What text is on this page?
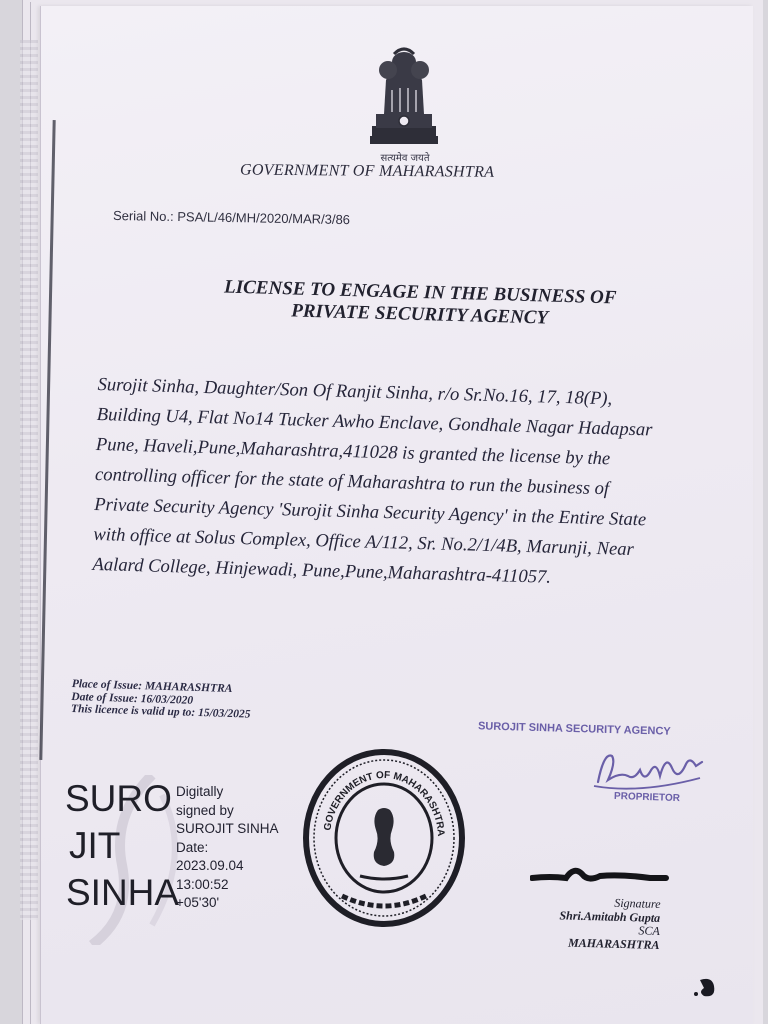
सत्यमेव जयते
GOVERNMENT OF MAHARASHTRA
Serial No.: PSA/L/46/MH/2020/MAR/3/86
LICENSE TO ENGAGE IN THE BUSINESS OF
PRIVATE SECURITY AGENCY
Surojit Sinha, Daughter/Son Of Ranjit Sinha, r/o Sr.No.16, 17, 18(P),
Building U4, Flat No14 Tucker Awho Enclave, Gondhale Nagar Hadapsar
Pune, Haveli,Pune,Maharashtra,411028 is granted the license by the
controlling officer for the state of Maharashtra to run the business of
Private Security Agency 'Surojit Sinha Security Agency' in the Entire State
with office at Solus Complex, Office A/112, Sr. No.2/1/4B, Marunji, Near
Aalard College, Hinjewadi, Pune,Pune,Maharashtra-411057.
Place of Issue: MAHARASHTRA
Date of Issue: 16/03/2020
This licence is valid up to: 15/03/2025
SUROJIT SINHA SECURITY AGENCY
Lejit
PROPRIETOR
SURO
JIT
SINHA
Digitally
signed by
SUROJIT SINHA
Date:
2023.09.04
13:00:52
+05'30'
GOVERNMENT OF MAHARASHTRA
Signature
Shri.Amitabh Gupta
SCA
MAHARASHTRA
